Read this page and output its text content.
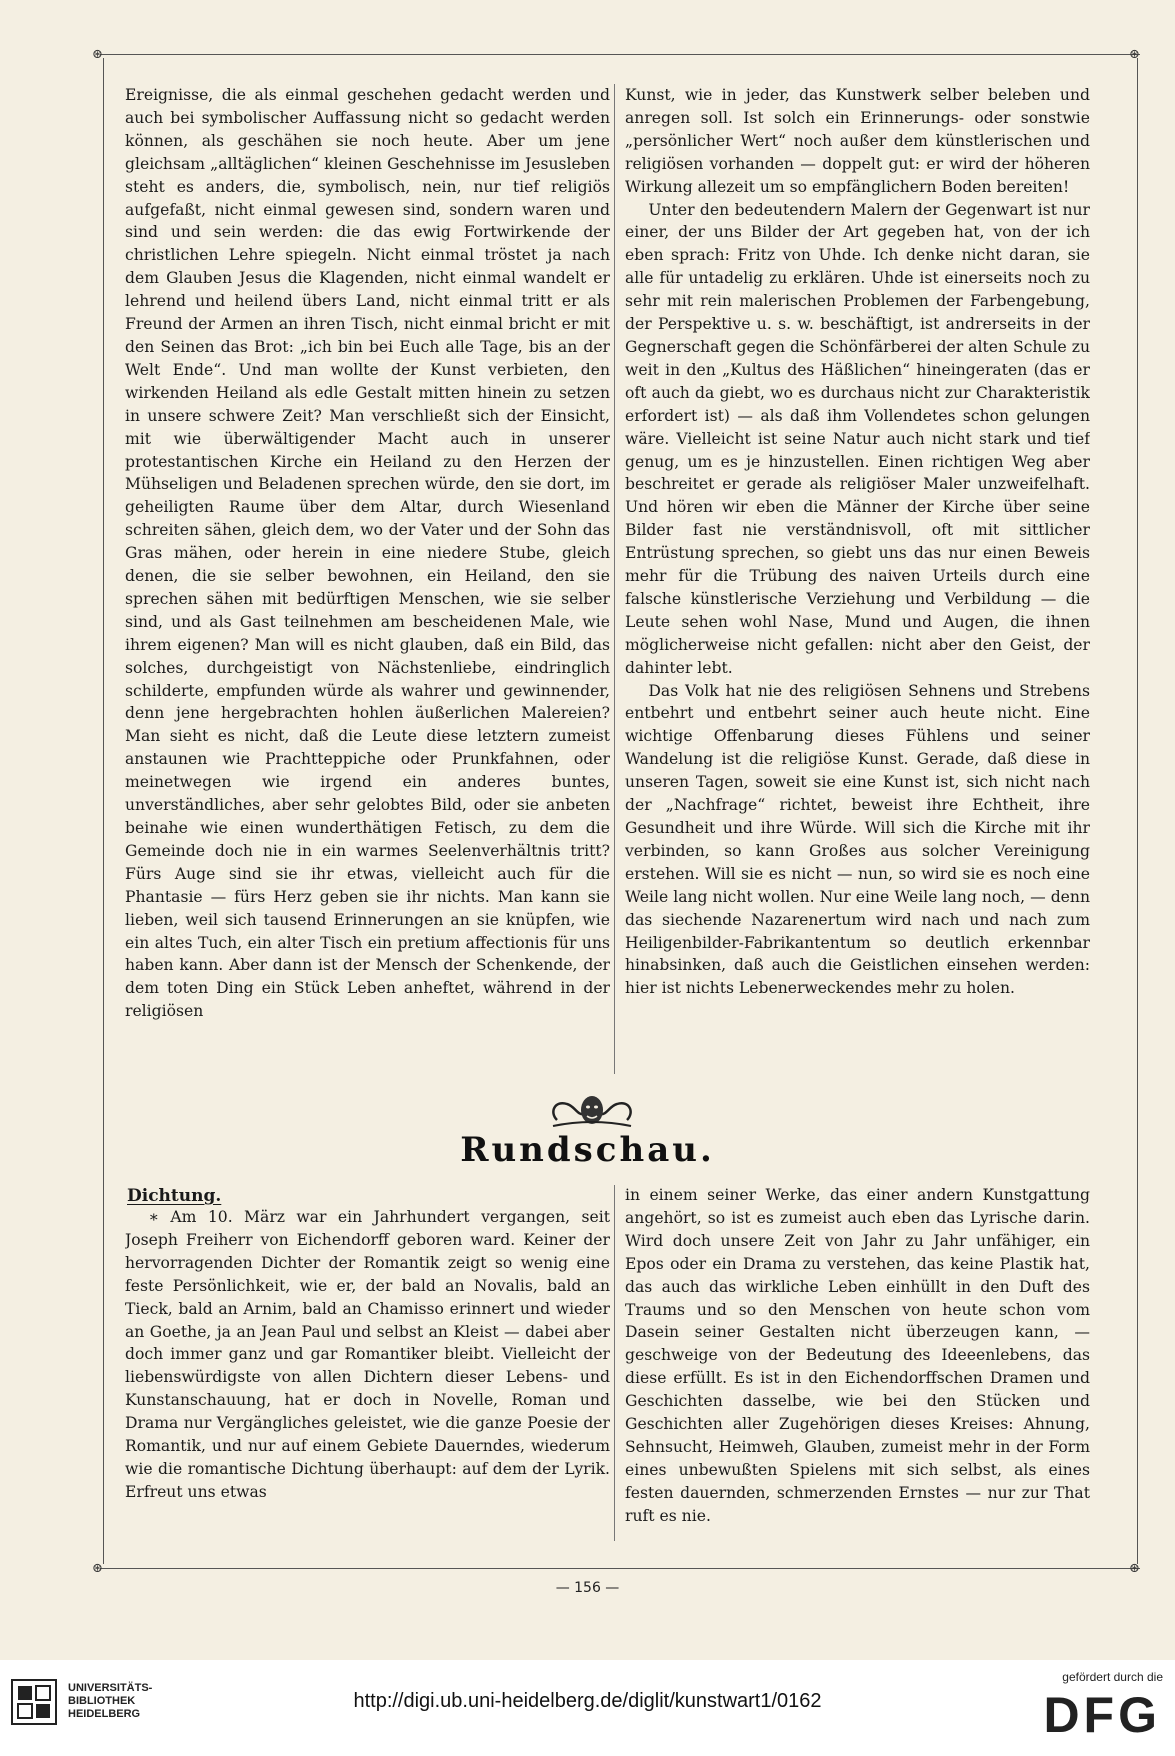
⊛	⊛
⊛	⊛

Ereignisse, die als einmal geschehen gedacht werden und auch bei symbolischer Auffassung nicht so gedacht werden können, als geschähen sie noch heute. Aber um jene gleichsam „alltäglichen“ kleinen Geschehnisse im Jesusleben steht es anders, die, symbolisch, nein, nur tief religiös aufgefaßt, nicht einmal gewesen sind, sondern waren und sind und sein werden: die das ewig Fortwirkende der christlichen Lehre spiegeln. Nicht einmal tröstet ja nach dem Glauben Jesus die Klagenden, nicht einmal wandelt er lehrend und heilend übers Land, nicht einmal tritt er als Freund der Armen an ihren Tisch, nicht einmal bricht er mit den Seinen das Brot: „ich bin bei Euch alle Tage, bis an der Welt Ende“. Und man wollte der Kunst verbieten, den wirkenden Heiland als edle Gestalt mitten hinein zu setzen in unsere schwere Zeit? Man verschließt sich der Einsicht, mit wie überwältigender Macht auch in unserer protestantischen Kirche ein Heiland zu den Herzen der Mühseligen und Beladenen sprechen würde, den sie dort, im geheiligten Raume über dem Altar, durch Wiesenland schreiten sähen, gleich dem, wo der Vater und der Sohn das Gras mähen, oder herein in eine niedere Stube, gleich denen, die sie selber bewohnen, ein Heiland, den sie sprechen sähen mit bedürftigen Menschen, wie sie selber sind, und als Gast teilnehmen am bescheidenen Male, wie ihrem eigenen? Man will es nicht glauben, daß ein Bild, das solches, durchgeistigt von Nächstenliebe, eindringlich schilderte, empfunden würde als wahrer und gewinnender, denn jene hergebrachten hohlen äußerlichen Malereien? Man sieht es nicht, daß die Leute diese letztern zumeist anstaunen wie Prachtteppiche oder Prunkfahnen, oder meinetwegen wie irgend ein anderes buntes, unverständliches, aber sehr gelobtes Bild, oder sie anbeten beinahe wie einen wunderthätigen Fetisch, zu dem die Gemeinde doch nie in ein warmes Seelenverhältnis tritt? Fürs Auge sind sie ihr etwas, vielleicht auch für die Phantasie — fürs Herz geben sie ihr nichts. Man kann sie lieben, weil sich tausend Erinnerungen an sie knüpfen, wie ein altes Tuch, ein alter Tisch ein pretium affectionis für uns haben kann. Aber dann ist der Mensch der Schenkende, der dem toten Ding ein Stück Leben anheftet, während in der religiösen

Kunst, wie in jeder, das Kunstwerk selber beleben und anregen soll. Ist solch ein Erinnerungs- oder sonstwie „persönlicher Wert“ noch außer dem künstlerischen und religiösen vorhanden — doppelt gut: er wird der höheren Wirkung allezeit um so empfänglichern Boden bereiten!

Unter den bedeutendern Malern der Gegenwart ist nur einer, der uns Bilder der Art gegeben hat, von der ich eben sprach: Fritz von Uhde. Ich denke nicht daran, sie alle für untadelig zu erklären. Uhde ist einerseits noch zu sehr mit rein malerischen Problemen der Farbengebung, der Perspektive u. s. w. beschäftigt, ist andrerseits in der Gegnerschaft gegen die Schönfärberei der alten Schule zu weit in den „Kultus des Häßlichen“ hineingeraten (das er oft auch da giebt, wo es durchaus nicht zur Charakteristik erfordert ist) — als daß ihm Vollendetes schon gelungen wäre. Vielleicht ist seine Natur auch nicht stark und tief genug, um es je hinzustellen. Einen richtigen Weg aber beschreitet er gerade als religiöser Maler unzweifelhaft. Und hören wir eben die Männer der Kirche über seine Bilder fast nie verständnisvoll, oft mit sittlicher Entrüstung sprechen, so giebt uns das nur einen Beweis mehr für die Trübung des naiven Urteils durch eine falsche künstlerische Verziehung und Verbildung — die Leute sehen wohl Nase, Mund und Augen, die ihnen möglicherweise nicht gefallen: nicht aber den Geist, der dahinter lebt.

Das Volk hat nie des religiösen Sehnens und Strebens entbehrt und entbehrt seiner auch heute nicht. Eine wichtige Offenbarung dieses Fühlens und seiner Wandelung ist die religiöse Kunst. Gerade, daß diese in unseren Tagen, soweit sie eine Kunst ist, sich nicht nach der „Nachfrage“ richtet, beweist ihre Echtheit, ihre Gesundheit und ihre Würde. Will sich die Kirche mit ihr verbinden, so kann Großes aus solcher Vereinigung erstehen. Will sie es nicht — nun, so wird sie es noch eine Weile lang nicht wollen. Nur eine Weile lang noch, — denn das siechende Nazarenertum wird nach und nach zum Heiligenbilder-Fabrikantentum so deutlich erkennbar hinabsinken, daß auch die Geistlichen einsehen werden: hier ist nichts Lebenerweckendes mehr zu holen.

Rundschau.
Dichtung.

∗ Am 10. März war ein Jahrhundert vergangen, seit Joseph Freiherr von Eichendorff geboren ward. Keiner der hervorragenden Dichter der Romantik zeigt so wenig eine feste Persönlichkeit, wie er, der bald an Novalis, bald an Tieck, bald an Arnim, bald an Chamisso erinnert und wieder an Goethe, ja an Jean Paul und selbst an Kleist — dabei aber doch immer ganz und gar Romantiker bleibt. Vielleicht der liebenswürdigste von allen Dichtern dieser Lebens- und Kunstanschauung, hat er doch in Novelle, Roman und Drama nur Vergängliches geleistet, wie die ganze Poesie der Romantik, und nur auf einem Gebiete Dauerndes, wiederum wie die romantische Dichtung überhaupt: auf dem der Lyrik. Erfreut uns etwas

in einem seiner Werke, das einer andern Kunstgattung angehört, so ist es zumeist auch eben das Lyrische darin. Wird doch unsere Zeit von Jahr zu Jahr unfähiger, ein Epos oder ein Drama zu verstehen, das keine Plastik hat, das auch das wirkliche Leben einhüllt in den Duft des Traums und so den Menschen von heute schon vom Dasein seiner Gestalten nicht überzeugen kann, — geschweige von der Bedeutung des Ideeenlebens, das diese erfüllt. Es ist in den Eichendorffschen Dramen und Geschichten dasselbe, wie bei den Stücken und Geschichten aller Zugehörigen dieses Kreises: Ahnung, Sehnsucht, Heimweh, Glauben, zumeist mehr in der Form eines unbewußten Spielens mit sich selbst, als eines festen dauernden, schmerzenden Ernstes — nur zur That ruft es nie.

— 156 —
UNIVERSITÄTS-
BIBLIOTHEK
HEIDELBERG
http://digi.ub.uni-heidelberg.de/diglit/kunstwart1/0162
gefördert durch die
DFG
